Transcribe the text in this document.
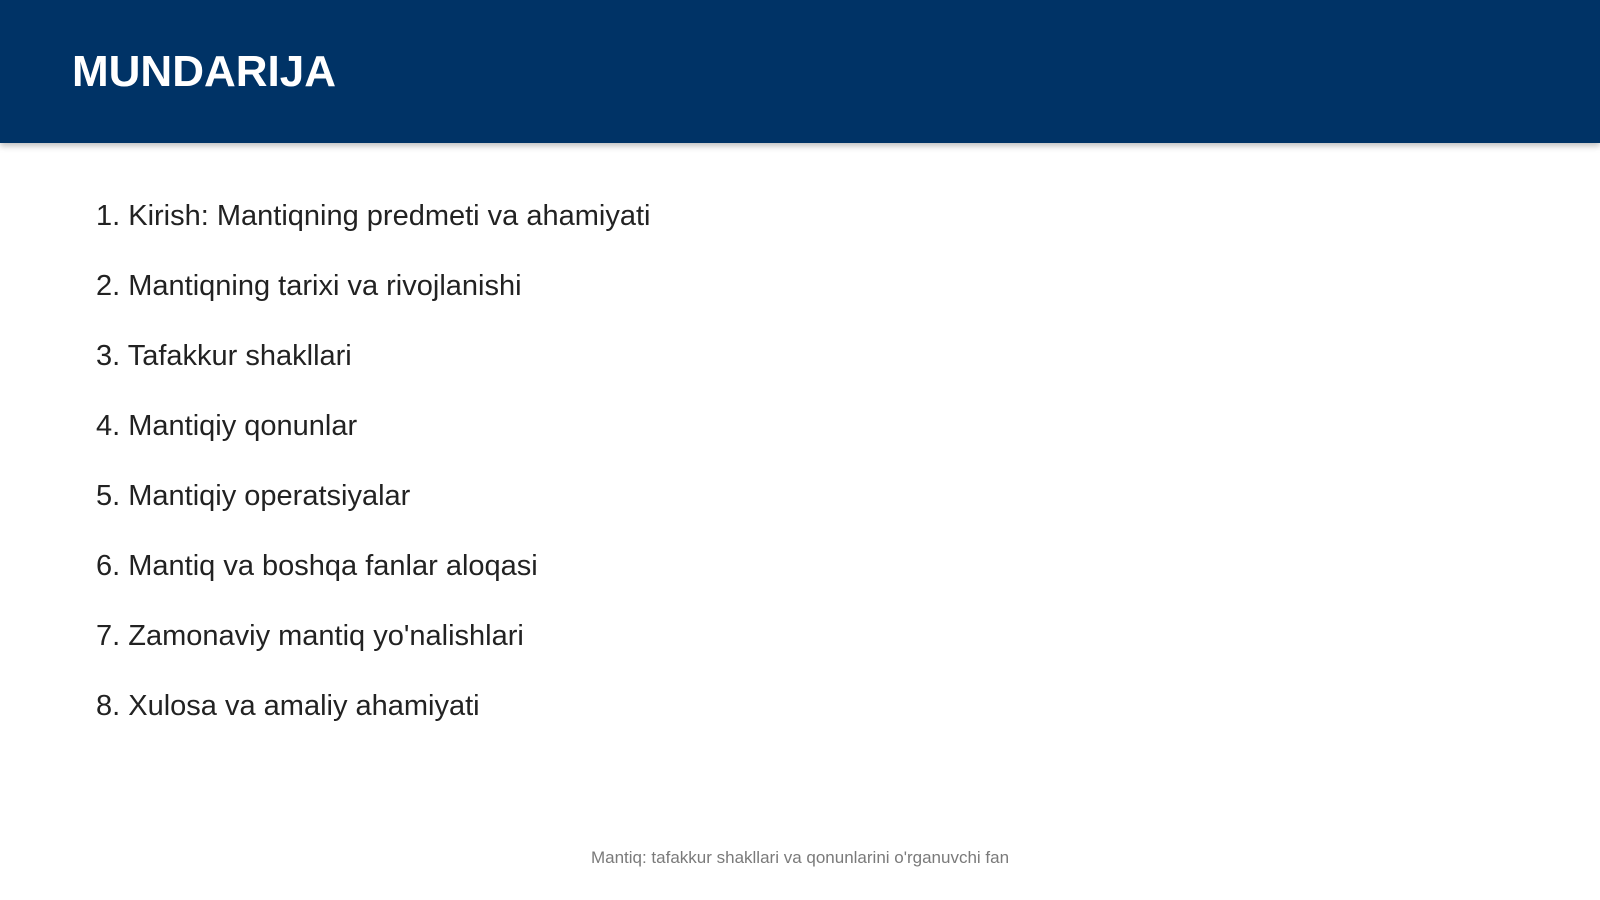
MUNDARIJA
1. Kirish: Mantiqning predmeti va ahamiyati
2. Mantiqning tarixi va rivojlanishi
3. Tafakkur shakllari
4. Mantiqiy qonunlar
5. Mantiqiy operatsiyalar
6. Mantiq va boshqa fanlar aloqasi
7. Zamonaviy mantiq yo'nalishlari
8. Xulosa va amaliy ahamiyati
Mantiq: tafakkur shakllari va qonunlarini o'rganuvchi fan
